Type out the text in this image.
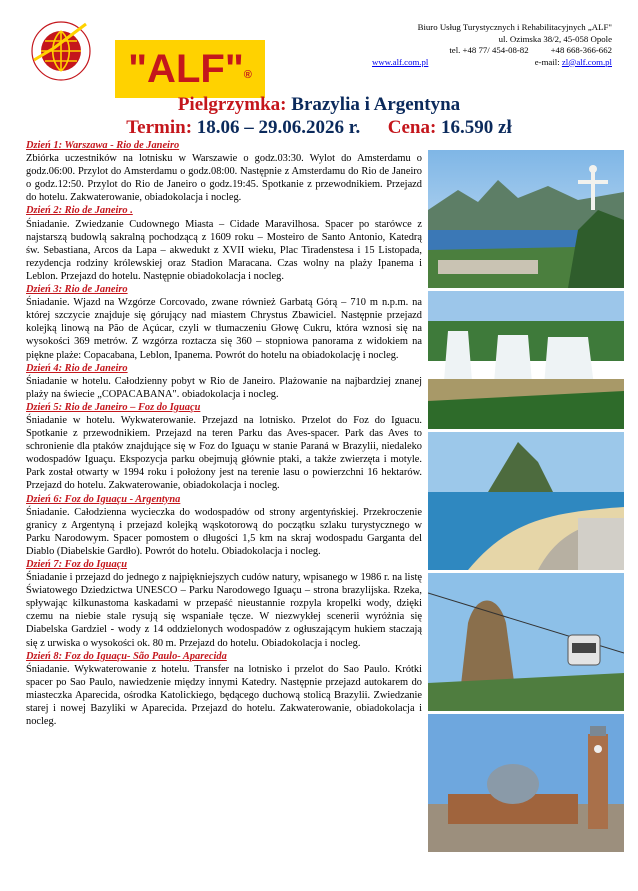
"ALF"®
Biuro Usług Turystycznych i Rehabilitacyjnych „ALF"
ul. Ozimska 38/2, 45-058 Opole
tel. +48 77/ 454-08-82          +48 668-366-662
www.alf.com.pl	e-mail: zl@alf.com.pl
Pielgrzymka: Brazylia i Argentyna
Termin: 18.06 – 29.06.2026 r. Cena: 16.590 zł

Dzień 1: Warszawa - Rio de Janeiro

Zbiórka uczestników na lotnisku w Warszawie o godz.03:30. Wylot do Amsterdamu o godz.06:00. Przylot do Amsterdamu o godz.08:00. Następnie z Amsterdamu do Rio de Janeiro o godz.12:50. Przylot do Rio de Janeiro o godz.19:45. Spotkanie z przewodnikiem. Przejazd do hotelu. Zakwaterowanie, obiadokolacja i nocleg.

Dzień 2: Rio de Janeiro .

Śniadanie. Zwiedzanie Cudownego Miasta – Cidade Maravilhosa. Spacer po starówce z najstarszą budowlą sakralną pochodzącą z 1609 roku – Mosteiro de Santo Antonio, Katedrą św. Sebastiana, Arcos da Lapa – akwedukt z XVII wieku, Plac Tiradenstesa i 15 Listopada, rezydencja rodziny królewskiej oraz Stadion Maracana. Czas wolny na plaży Ipanema i Leblon. Przejazd do hotelu. Następnie obiadokolacja i nocleg.

Dzień 3: Rio de Janeiro

Śniadanie. Wjazd na Wzgórze Corcovado, zwane również Garbatą Górą – 710 m n.p.m. na której szczycie znajduje się górujący nad miastem Chrystus Zbawiciel. Następnie przejazd kolejką linową na Pão de Açúcar, czyli w tłumaczeniu Głowę Cukru, która wznosi się na wysokości 369 metrów. Z wzgórza roztacza się 360 – stopniowa panorama z widokiem na piękne plaże: Copacabana, Leblon, Ipanema. Powrót do hotelu na obiadokolację i nocleg.

Dzień 4: Rio de Janeiro

Śniadanie w hotelu. Całodzienny pobyt w Rio de Janeiro. Plażowanie na najbardziej znanej plaży na świecie „COPACABANA". obiadokolacja i nocleg.

Dzień 5: Rio de Janeiro – Foz do Iguaçu

Śniadanie w hotelu. Wykwaterowanie. Przejazd na lotnisko. Przelot do Foz do Iguacu. Spotkanie z przewodnikiem. Przejazd na teren Parku das Aves-spacer. Park das Aves to schronienie dla ptaków znajdujące się w Foz do Iguaçu w stanie Paraná w Brazylii, niedaleko wodospadów Iguaçu. Ekspozycja parku obejmują głównie ptaki, a także zwierzęta i motyle. Park został otwarty w 1994 roku i położony jest na terenie lasu o powierzchni 16 hektarów. Przejazd do hotelu. Zakwaterowanie, obiadokolacja i nocleg.

Dzień 6: Foz do Iguaçu - Argentyna

Śniadanie. Całodzienna wycieczka do wodospadów od strony argentyńskiej. Przekroczenie granicy z Argentyną i przejazd kolejką wąskotorową do początku szlaku turystycznego w Parku Narodowym. Spacer pomostem o długości 1,5 km na skraj wodospadu Garganta del Diablo (Diabelskie Gardło). Powrót do hotelu. Obiadokolacja i nocleg.

Dzień 7: Foz do Iguaçu

Śniadanie i przejazd do jednego z najpiękniejszych cudów natury, wpisanego w 1986 r. na listę Światowego Dziedzictwa UNESCO – Parku Narodowego Iguaçu – strona brazylijska. Rzeka, spływając kilkunastoma kaskadami w przepaść nieustannie rozpyla kropelki wody, dzięki czemu na niebie stale rysują się wspaniałe tęcze. W niezwykłej scenerii wyróżnia się Diabelska Gardziel - wody z 14 oddzielonych wodospadów z ogłuszającym hukiem staczają się z urwiska o wysokości ok. 80 m. Przejazd do hotelu. Obiadokolacja i nocleg.

Dzień 8: Foz do Iguaçu- São Paulo- Aparecida

Śniadanie. Wykwaterowanie z hotelu. Transfer na lotnisko i przelot do Sao Paulo. Krótki spacer po Sao Paulo, nawiedzenie między innymi Katedry. Następnie przejazd autokarem do miasteczka Aparecida, ośrodka Katolickiego, będącego duchową stolicą Brazylii. Zwiedzanie starej i nowej Bazyliki w Aparecida. Przejazd do hotelu. Zakwaterowanie, obiadokolacja i nocleg.
